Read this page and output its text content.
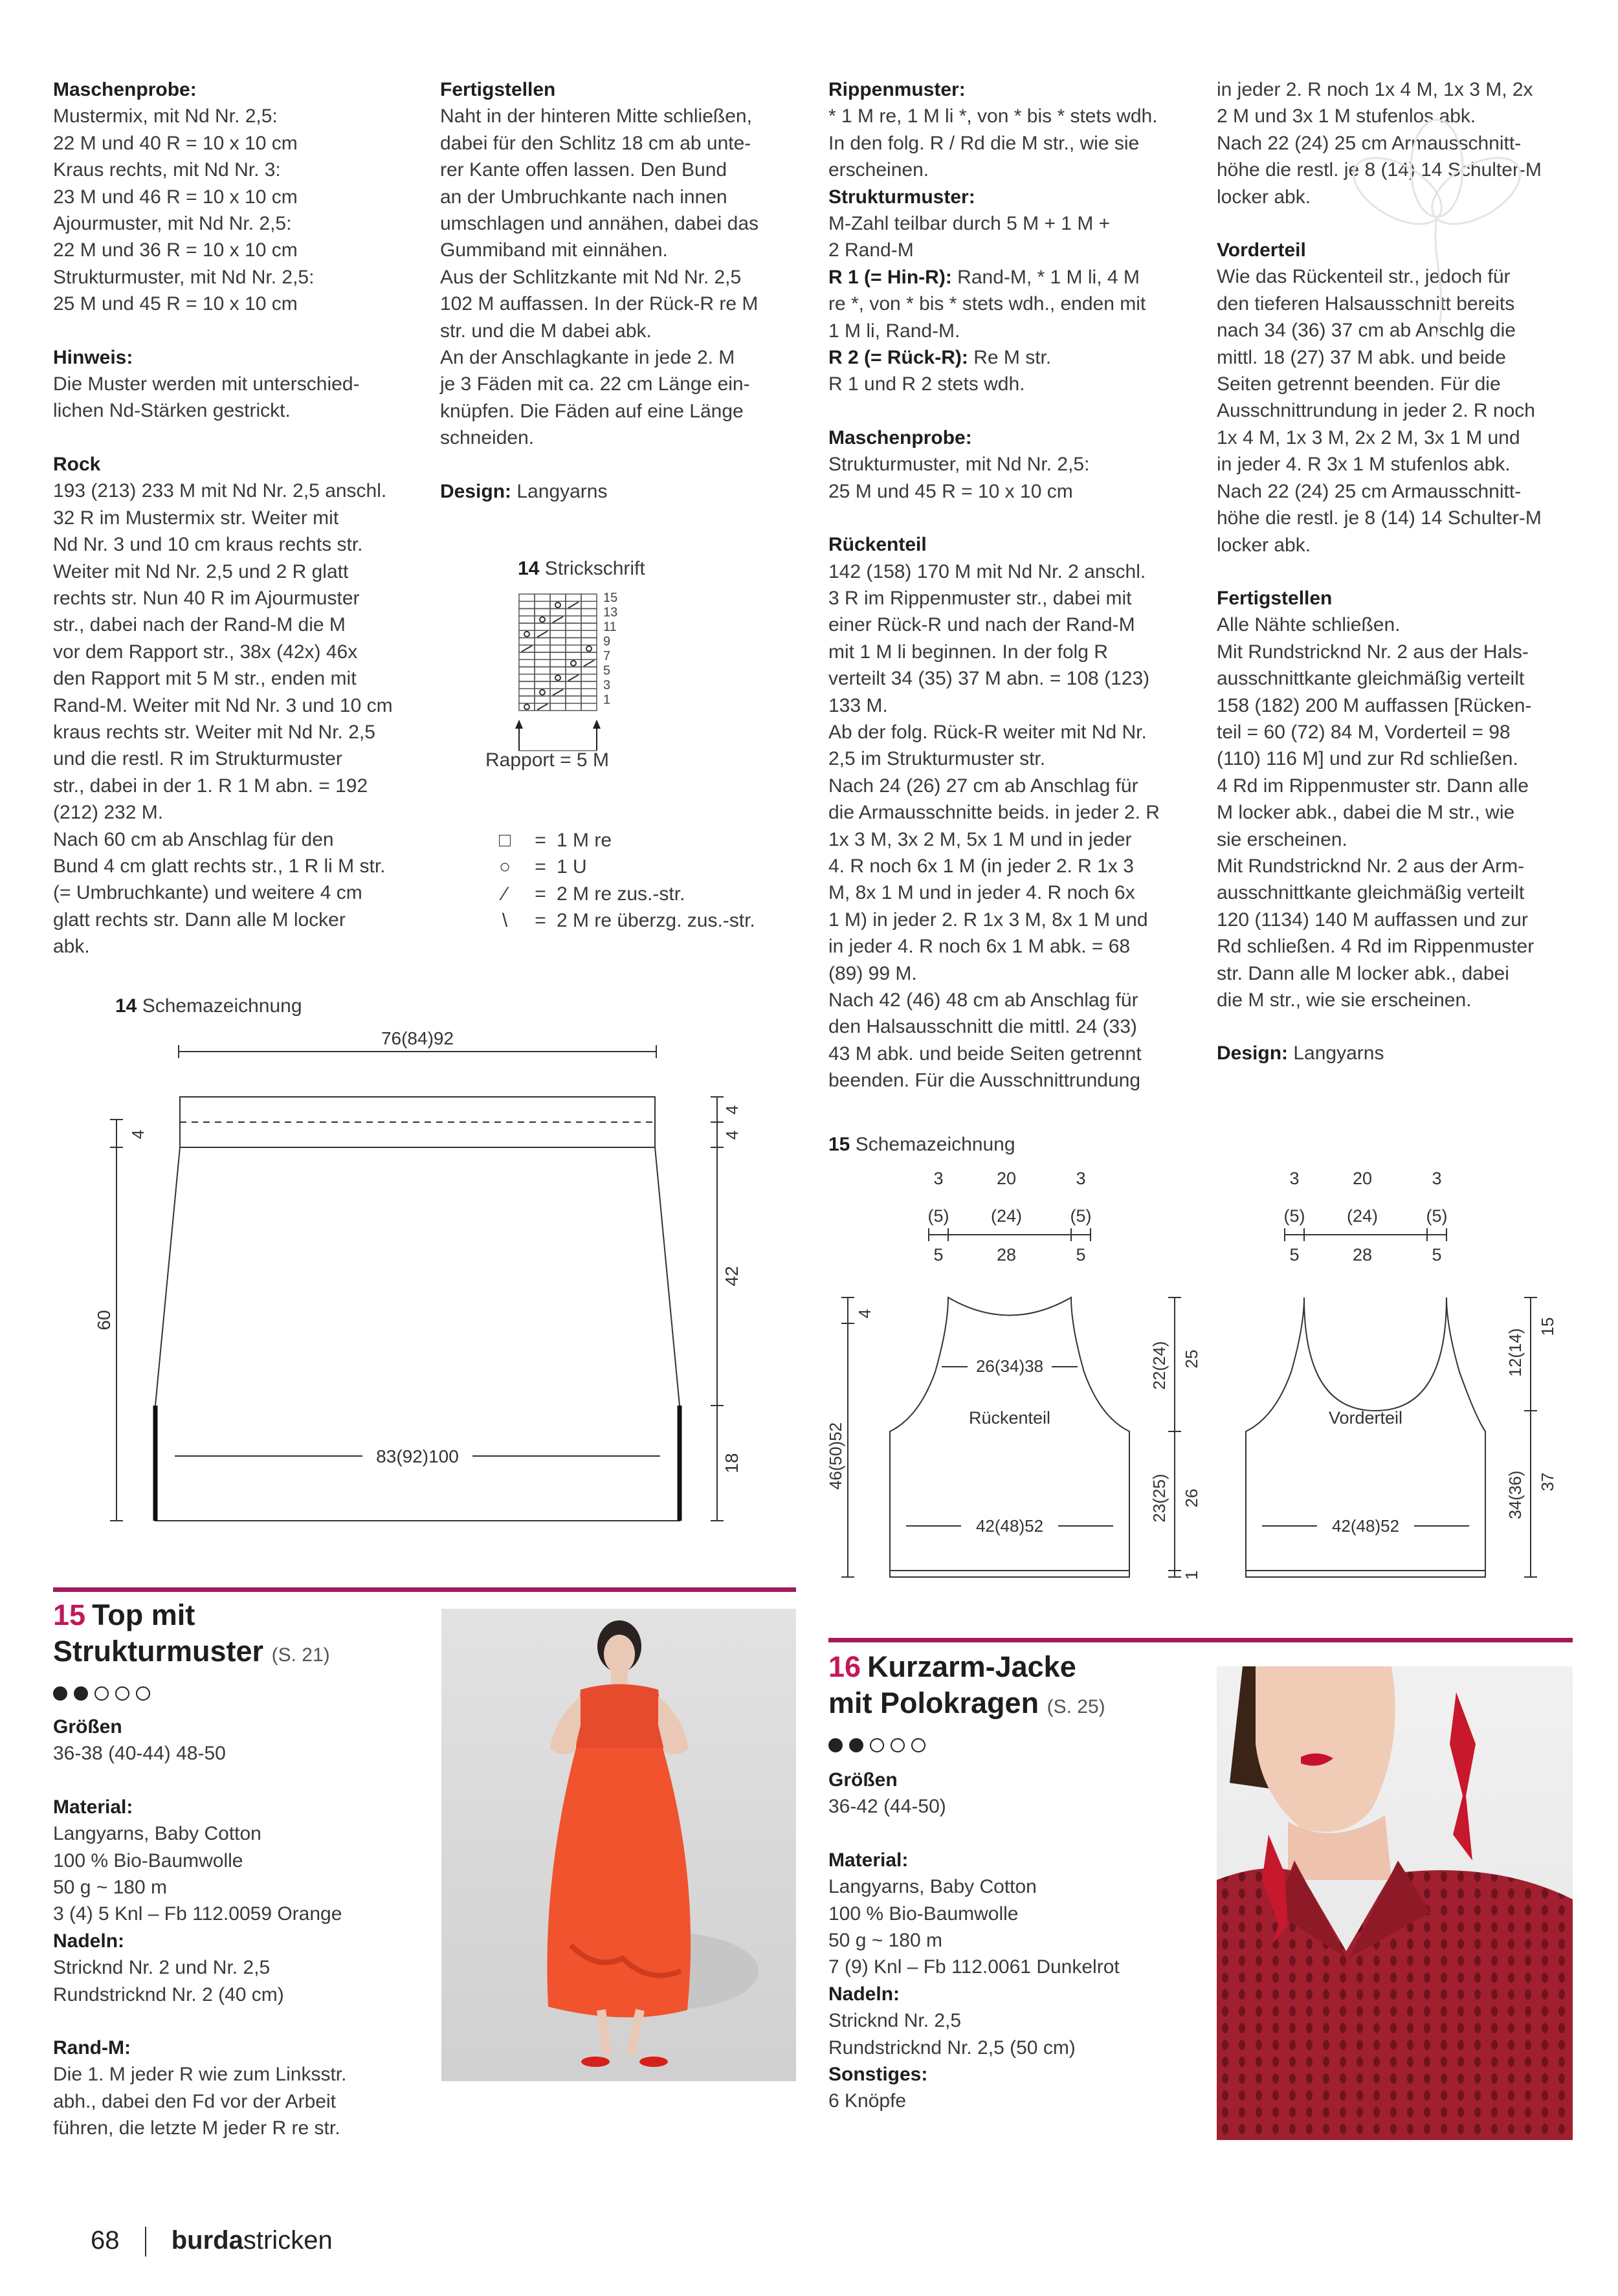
Maschenprobe:

Mustermix, mit Nd Nr. 2,5:

22 M und 40 R = 10 x 10 cm

Kraus rechts, mit Nd Nr. 3:

23 M und 46 R = 10 x 10 cm

Ajourmuster, mit Nd Nr. 2,5:

22 M und 36 R = 10 x 10 cm

Strukturmuster, mit Nd Nr. 2,5:

25 M und 45 R = 10 x 10 cm

Hinweis:

Die Muster werden mit unterschied-

lichen Nd-Stärken gestrickt.

Rock

193 (213) 233 M mit Nd Nr. 2,5 anschl.

32 R im Mustermix str. Weiter mit

Nd Nr. 3 und 10 cm kraus rechts str.

Weiter mit Nd Nr. 2,5 und 2 R glatt

rechts str. Nun 40 R im Ajourmuster

str., dabei nach der Rand-M die M

vor dem Rapport str., 38x (42x) 46x

den Rapport mit 5 M str., enden mit

Rand-M. Weiter mit Nd Nr. 3 und 10 cm

kraus rechts str. Weiter mit Nd Nr. 2,5

und die restl. R im Strukturmuster

str., dabei in der 1. R 1 M abn. = 192

(212) 232 M.

Nach 60 cm ab Anschlag für den

Bund 4 cm glatt rechts str., 1 R li M str.

(= Umbruchkante) und weitere 4 cm

glatt rechts str. Dann alle M locker

abk.

Fertigstellen

Naht in der hinteren Mitte schließen,

dabei für den Schlitz 18 cm ab unte-

rer Kante offen lassen. Den Bund

an der Umbruchkante nach innen

umschlagen und annähen, dabei das

Gummiband mit einnähen.

Aus der Schlitzkante mit Nd Nr. 2,5

102 M auffassen. In der Rück-R re M

str. und die M dabei abk.

An der Anschlagkante in jede 2. M

je 3 Fäden mit ca. 22 cm Länge ein-

knüpfen. Die Fäden auf eine Länge

schneiden.

Design: Langyarns

Rippenmuster:

* 1 M re, 1 M li *, von * bis * stets wdh.

In den folg. R / Rd die M str., wie sie

erscheinen.

Strukturmuster:

M-Zahl teilbar durch 5 M + 1 M +

2 Rand-M

R 1 (= Hin-R): Rand-M, * 1 M li, 4 M

re *, von * bis * stets wdh., enden mit

1 M li, Rand-M.

R 2 (= Rück-R): Re M str.

R 1 und R 2 stets wdh.

Maschenprobe:

Strukturmuster, mit Nd Nr. 2,5:

25 M und 45 R = 10 x 10 cm

Rückenteil

142 (158) 170 M mit Nd Nr. 2 anschl.

3 R im Rippenmuster str., dabei mit

einer Rück-R und nach der Rand-M

mit 1 M li beginnen. In der folg R

verteilt 34 (35) 37 M abn. = 108 (123)

133 M.

Ab der folg. Rück-R weiter mit Nd Nr.

2,5 im Strukturmuster str.

Nach 24 (26) 27 cm ab Anschlag für

die Armausschnitte beids. in jeder 2. R

1x 3 M, 3x 2 M, 5x 1 M und in jeder

4. R noch 6x 1 M (in jeder 2. R 1x 3

M, 8x 1 M und in jeder 4. R noch 6x

1 M) in jeder 2. R 1x 3 M, 8x 1 M und

in jeder 4. R noch 6x 1 M abk. = 68

(89) 99 M.

Nach 42 (46) 48 cm ab Anschlag für

den Halsausschnitt die mittl. 24 (33)

43 M abk. und beide Seiten getrennt

beenden. Für die Ausschnittrundung

in jeder 2. R noch 1x 4 M, 1x 3 M, 2x

2 M und 3x 1 M stufenlos abk.

Nach 22 (24) 25 cm Armausschnitt-

höhe die restl. je 8 (14) 14 Schulter-M

locker abk.

Vorderteil

Wie das Rückenteil str., jedoch für

den tieferen Halsausschnitt bereits

nach 34 (36) 37 cm ab Anschlg die

mittl. 18 (27) 37 M abk. und beide

Seiten getrennt beenden. Für die

Ausschnittrundung in jeder 2. R noch

1x 4 M, 1x 3 M, 2x 2 M, 3x 1 M und

in jeder 4. R 3x 1 M stufenlos abk.

Nach 22 (24) 25 cm Armausschnitt-

höhe die restl. je 8 (14) 14 Schulter-M

locker abk.

Fertigstellen

Alle Nähte schließen.

Mit Rundstricknd Nr. 2 aus der Hals-

ausschnittkante gleichmäßig verteilt

158 (182) 200 M auffassen [Rücken-

teil = 60 (72) 84 M, Vorderteil = 98

(110) 116 M] und zur Rd schließen.

4 Rd im Rippenmuster str. Dann alle

M locker abk., dabei die M str., wie

sie erscheinen.

Mit Rundstricknd Nr. 2 aus der Arm-

ausschnittkante gleichmäßig verteilt

120 (1134) 140 M auffassen und zur

Rd schließen. 4 Rd im Rippenmuster

str. Dann alle M locker abk., dabei

die M str., wie sie erscheinen.

Design: Langyarns

14 Strickschrift
15
13
11
9
7
5
3
1
Rapport = 5 M
□	= 1 M re
○	= 1 U
⁄	= 2 M re zus.-str.
\	= 2 M re überzg. zus.-str.
14 Schemazeichnung
76(84)92
83(92)100
60
4
4
4
42
18
15 Schemazeichnung
3	20	3
(5) (24)	(5)
5	28	5
3	20	3
(5) (24)	(5)
5	28	5
26(34)38
Rückenteil
42(48)52
Vorderteil
42(48)52
46(50)52
4
22(24) 25
23(25) 26
1
12(14)
15
34(36) 37
15 Top mit
Strukturmuster (S. 21)

Größen

36-38 (40-44) 48-50

Material:

Langyarns, Baby Cotton

100 % Bio-Baumwolle

50 g ~ 180 m

3 (4) 5 Knl – Fb 112.0059 Orange

Nadeln:

Stricknd Nr. 2 und Nr. 2,5

Rundstricknd Nr. 2 (40 cm)

Rand-M:

Die 1. M jeder R wie zum Linksstr.

abh., dabei den Fd vor der Arbeit

führen, die letzte M jeder R re str.

16 Kurzarm-Jacke
mit Polokragen (S. 25)

Größen

36-42 (44-50)

Material:

Langyarns, Baby Cotton

100 % Bio-Baumwolle

50 g ~ 180 m

7 (9) Knl – Fb 112.0061 Dunkelrot

Nadeln:

Stricknd Nr. 2,5

Rundstricknd Nr. 2,5 (50 cm)

Sonstiges:

6 Knöpfe

68 burdastricken
